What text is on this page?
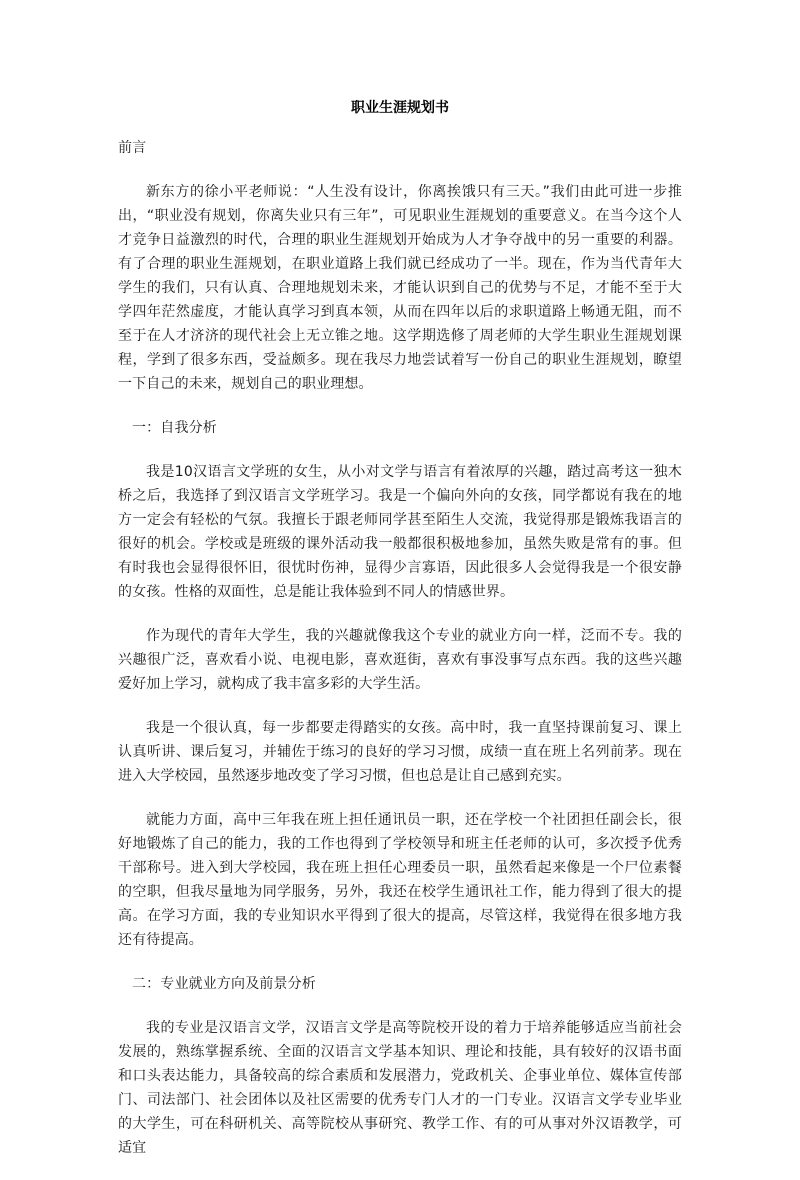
职业生涯规划书

前言

新东方的徐小平老师说：“人生没有设计，你离挨饿只有三天。”我们由此可进一步推出，“职业没有规划，你离失业只有三年”，可见职业生涯规划的重要意义。在当今这个人才竞争日益激烈的时代，合理的职业生涯规划开始成为人才争夺战中的另一重要的利器。有了合理的职业生涯规划，在职业道路上我们就已经成功了一半。现在，作为当代青年大学生的我们，只有认真、合理地规划未来，才能认识到自己的优势与不足，才能不至于大学四年茫然虚度，才能认真学习到真本领，从而在四年以后的求职道路上畅通无阻，而不至于在人才济济的现代社会上无立锥之地。这学期选修了周老师的大学生职业生涯规划课程，学到了很多东西，受益颇多。现在我尽力地尝试着写一份自己的职业生涯规划，瞭望一下自己的未来，规划自己的职业理想。

一：自我分析

我是10汉语言文学班的女生，从小对文学与语言有着浓厚的兴趣，踏过高考这一独木桥之后，我选择了到汉语言文学班学习。我是一个偏向外向的女孩，同学都说有我在的地方一定会有轻松的气氛。我擅长于跟老师同学甚至陌生人交流，我觉得那是锻炼我语言的很好的机会。学校或是班级的课外活动我一般都很积极地参加，虽然失败是常有的事。但有时我也会显得很怀旧，很忧时伤神，显得少言寡语，因此很多人会觉得我是一个很安静的女孩。性格的双面性，总是能让我体验到不同人的情感世界。

作为现代的青年大学生，我的兴趣就像我这个专业的就业方向一样，泛而不专。我的兴趣很广泛，喜欢看小说、电视电影，喜欢逛街，喜欢有事没事写点东西。我的这些兴趣爱好加上学习，就构成了我丰富多彩的大学生活。

我是一个很认真，每一步都要走得踏实的女孩。高中时，我一直坚持课前复习、课上认真听讲、课后复习，并辅佐于练习的良好的学习习惯，成绩一直在班上名列前茅。现在进入大学校园，虽然逐步地改变了学习习惯，但也总是让自己感到充实。

就能力方面，高中三年我在班上担任通讯员一职，还在学校一个社团担任副会长，很好地锻炼了自己的能力，我的工作也得到了学校领导和班主任老师的认可，多次授予优秀干部称号。进入到大学校园，我在班上担任心理委员一职，虽然看起来像是一个尸位素餐的空职，但我尽量地为同学服务，另外，我还在校学生通讯社工作，能力得到了很大的提高。在学习方面，我的专业知识水平得到了很大的提高，尽管这样，我觉得在很多地方我还有待提高。

二：专业就业方向及前景分析

我的专业是汉语言文学，汉语言文学是高等院校开设的着力于培养能够适应当前社会发展的，熟练掌握系统、全面的汉语言文学基本知识、理论和技能，具有较好的汉语书面和口头表达能力，具备较高的综合素质和发展潜力，党政机关、企事业单位、媒体宣传部门、司法部门、社会团体以及社区需要的优秀专门人才的一门专业。汉语言文学专业毕业的大学生，可在科研机关、高等院校从事研究、教学工作、有的可从事对外汉语教学，可适宜
